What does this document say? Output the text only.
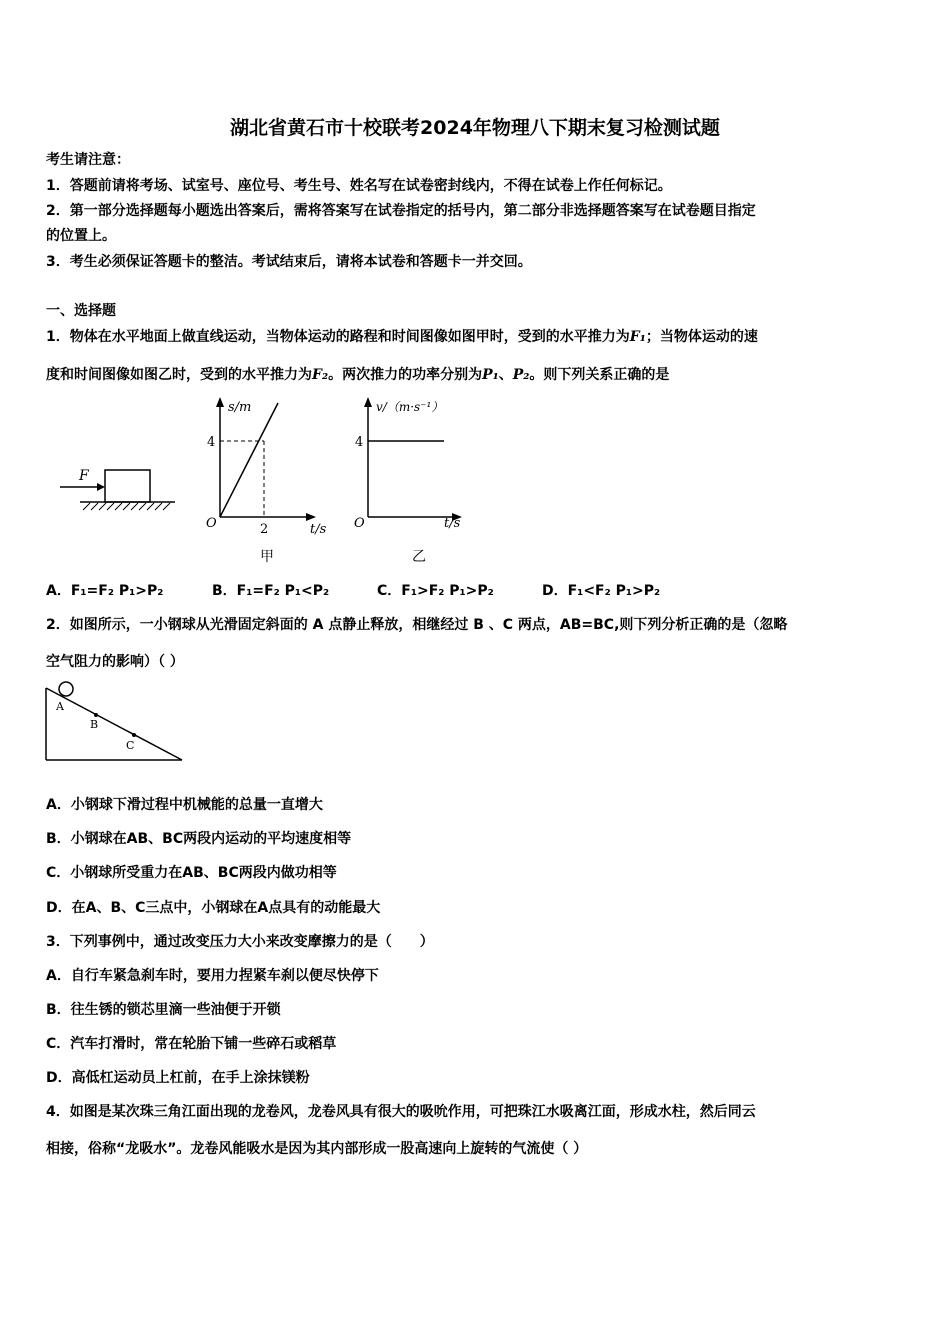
湖北省黄石市十校联考2024年物理八下期末复习检测试题
考生请注意：
1．答题前请将考场、试室号、座位号、考生号、姓名写在试卷密封线内，不得在试卷上作任何标记。
2．第一部分选择题每小题选出答案后，需将答案写在试卷指定的括号内，第二部分非选择题答案写在试卷题目指定
的位置上。
3．考生必须保证答题卡的整洁。考试结束后，请将本试卷和答题卡一并交回。
一、选择题
1．物体在水平地面上做直线运动，当物体运动的路程和时间图像如图甲时，受到的水平推力为F₁；当物体运动的速
度和时间图像如图乙时，受到的水平推力为F₂。两次推力的功率分别为P₁、P₂。则下列关系正确的是
F
s/m
4
O	2	t/s
甲
v/（m·s⁻¹）
4
O	t/s
乙
A．F₁=F₂ P₁>P₂	B．F₁=F₂ P₁<P₂	C．F₁>F₂ P₁>P₂	D．F₁<F₂ P₁>P₂
2．如图所示，一小钢球从光滑固定斜面的 A 点静止释放，相继经过 B 、C 两点，AB=BC,则下列分析正确的是（忽略
空气阻力的影响）（ ）
A
B
C
A．小钢球下滑过程中机械能的总量一直增大
B．小钢球在AB、BC两段内运动的平均速度相等
C．小钢球所受重力在AB、BC两段内做功相等
D．在A、B、C三点中，小钢球在A点具有的动能最大
3．下列事例中，通过改变压力大小来改变摩擦力的是（　　）
A．自行车紧急刹车时，要用力捏紧车刹以便尽快停下
B．往生锈的锁芯里滴一些油便于开锁
C．汽车打滑时，常在轮胎下铺一些碎石或稻草
D．高低杠运动员上杠前，在手上涂抹镁粉
4．如图是某次珠三角江面出现的龙卷风，龙卷风具有很大的吸吮作用，可把珠江水吸离江面，形成水柱，然后同云
相接，俗称“龙吸水”。龙卷风能吸水是因为其内部形成一股高速向上旋转的气流使（ ）
